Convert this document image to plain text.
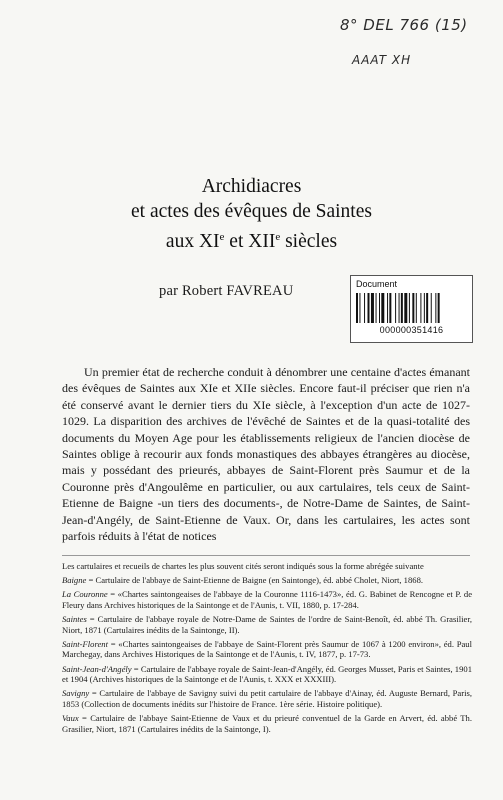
8° DEL 766 (15)
AAAT XH
Archidiacres
et actes des évêques de Saintes
aux XIe et XIIe siècles
par Robert FAVREAU	Document
000000351416

Un premier état de recherche conduit à dénombrer une centaine d'actes émanant des évêques de Saintes aux XIe et XIIe siècles. Encore faut-il préciser que rien n'a été conservé avant le dernier tiers du XIe siècle, à l'exception d'un acte de 1027-1029. La disparition des archives de l'évêché de Saintes et de la quasi-totalité des documents du Moyen Age pour les établissements religieux de l'ancien diocèse de Saintes oblige à recourir aux fonds monastiques des abbayes étrangères au diocèse, mais y possédant des prieurés, abbayes de Saint-Florent près Saumur et de la Couronne près d'Angoulême en particulier, ou aux cartulaires, tels ceux de Saint-Etienne de Baigne -un tiers des documents-, de Notre-Dame de Saintes, de Saint-Jean-d'Angély, de Saint-Etienne de Vaux. Or, dans les cartulaires, les actes sont parfois réduits à l'état de notices

Les cartulaires et recueils de chartes les plus souvent cités seront indiqués sous la forme abrégée suivante

Baigne = Cartulaire de l'abbaye de Saint-Etienne de Baigne (en Saintonge), éd. abbé Cholet, Niort, 1868.

La Couronne = «Chartes saintongeaises de l'abbaye de la Couronne 1116-1473», éd. G. Babinet de Rencogne et P. de Fleury dans Archives historiques de la Saintonge et de l'Aunis, t. VII, 1880, p. 17-284.

Saintes = Cartulaire de l'abbaye royale de Notre-Dame de Saintes de l'ordre de Saint-Benoît, éd. abbé Th. Grasilier, Niort, 1871 (Cartulaires inédits de la Saintonge, II).

Saint-Florent = «Chartes saintongeaises de l'abbaye de Saint-Florent près Saumur de 1067 à 1200 environ», éd. Paul Marchegay, dans Archives Historiques de la Saintonge et de l'Aunis, t. IV, 1877, p. 17-73.

Saint-Jean-d'Angély = Cartulaire de l'abbaye royale de Saint-Jean-d'Angély, éd. Georges Musset, Paris et Saintes, 1901 et 1904 (Archives historiques de la Saintonge et de l'Aunis, t. XXX et XXXIII).

Savigny = Cartulaire de l'abbaye de Savigny suivi du petit cartulaire de l'abbaye d'Ainay, éd. Auguste Bernard, Paris, 1853 (Collection de documents inédits sur l'histoire de France. 1ère série. Histoire politique).

Vaux = Cartulaire de l'abbaye Saint-Etienne de Vaux et du prieuré conventuel de la Garde en Arvert, éd. abbé Th. Grasilier, Niort, 1871 (Cartulaires inédits de la Saintonge, I).
